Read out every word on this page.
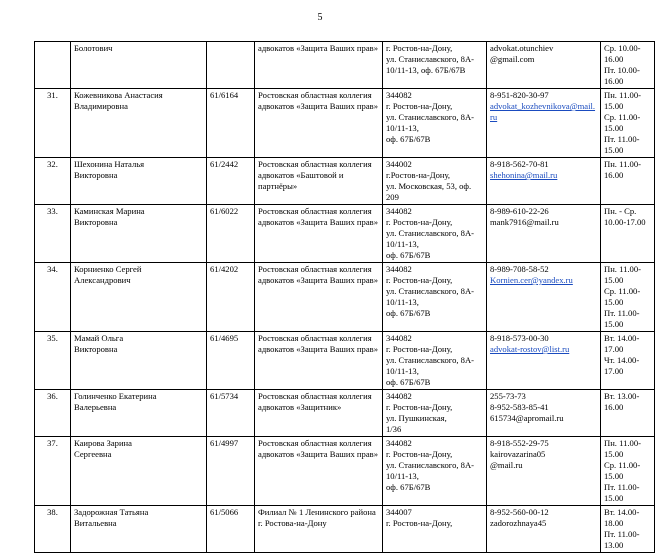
5
	Болотович		адвокатов «Защита Ваших прав»	г. Ростов-на-Дону,
ул. Станиславского, 8А-
10/11-13, оф. 67Б/67В	advokat.otunchiev
@gmail.com	Ср. 10.00-16.00
Пт. 10.00-16.00
31.	Кожевникова Анастасия
Владимировна	61/6164	Ростовская областная коллегия адвокатов «Защита Ваших прав»	344082
г. Ростов-на-Дону,
ул. Станиславского, 8А-
10/11-13,
оф. 67Б/67В	8-951-820-30-97
advokat_kozhevnikova@mail.ru	Пн. 11.00-15.00
Ср. 11.00-15.00
Пт. 11.00-15.00
32.	Шехонина Наталья
Викторовна	61/2442	Ростовская областная коллегия адвокатов «Баштовой и партнёры»	344002
г.Ростов-на-Дону,
ул. Московская, 53, оф. 209	8-918-562-70-81
shehonina@mail.ru	Пн. 11.00-16.00
33.	Каминская Марина
Викторовна	61/6022	Ростовская областная коллегия адвокатов «Защита Ваших прав»	344082
г. Ростов-на-Дону,
ул. Станиславского, 8А-
10/11-13,
оф. 67Б/67В	8-989-610-22-26
mank7916@mail.ru	Пн. - Ср.
10.00-17.00
34.	Корниенко Сергей
Александрович	61/4202	Ростовская областная коллегия адвокатов «Защита Ваших прав»	344082
г. Ростов-на-Дону,
ул. Станиславского, 8А-
10/11-13,
оф. 67Б/67В	8-989-708-58-52
Kornien.cer@yandex.ru	Пн. 11.00-15.00
Ср. 11.00-15.00
Пт. 11.00-15.00
35.	Мамай Ольга
Викторовна	61/4695	Ростовская областная коллегия адвокатов «Защита Ваших прав»	344082
г. Ростов-на-Дону,
ул. Станиславского, 8А-
10/11-13,
оф. 67Б/67В	8-918-573-00-30
advokat-rostov@list.ru	Вт. 14.00-17.00
Чт. 14.00-17.00
36.	Голинченко Екатерина
Валерьевна	61/5734	Ростовская областная коллегия адвокатов «Защитник»	344082
г. Ростов-на-Дону,
ул. Пушкинская,
1/36	255-73-73
8-952-583-85-41
615734@apromail.ru	Вт. 13.00-16.00
37.	Каирова Зарина
Сергеевна	61/4997	Ростовская областная коллегия адвокатов «Защита Ваших прав»	344082
г. Ростов-на-Дону,
ул. Станиславского, 8А-
10/11-13,
оф. 67Б/67В	8-918-552-29-75
kairovazarina05
@mail.ru	Пн. 11.00-15.00
Ср. 11.00-15.00
Пт. 11.00-15.00
38.	Задорожная Татьяна
Витальевна	61/5066	Филиал № 1 Ленинского района г. Ростова-на-Дону	344007
г. Ростов-на-Дону,	8-952-560-00-12
zadorozhnaya45	Вт. 14.00-18.00
Пт. 11.00-13.00
